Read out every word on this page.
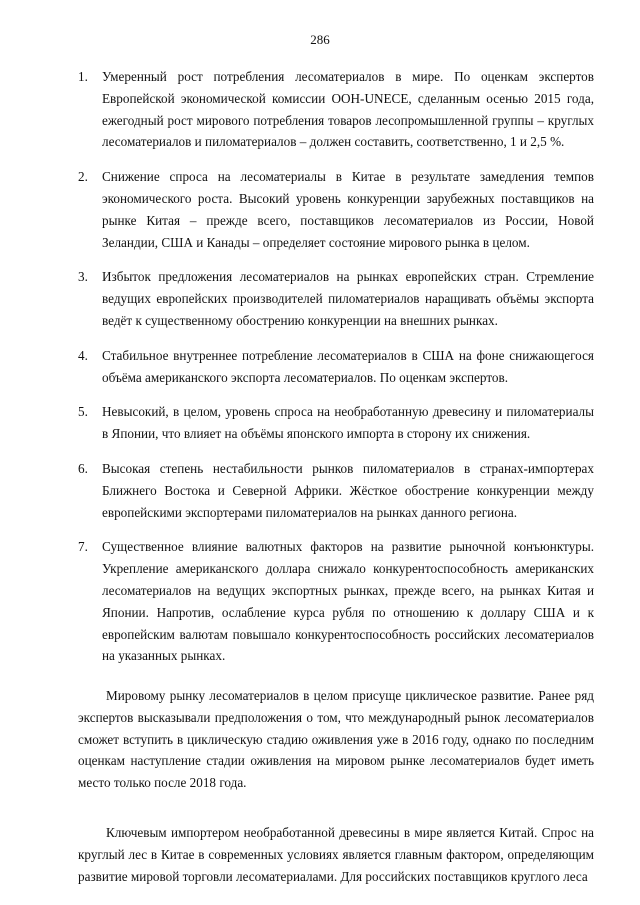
286
1. Умеренный рост потребления лесоматериалов в мире. По оценкам экспертов Европейской экономической комиссии ООН-UNECE, сделанным осенью 2015 года, ежегодный рост мирового потребления товаров лесопромышленной группы – круглых лесоматериалов и пиломатериалов – должен составить, соответственно, 1 и 2,5 %.
2. Снижение спроса на лесоматериалы в Китае в результате замедления темпов экономического роста. Высокий уровень конкуренции зарубежных поставщиков на рынке Китая – прежде всего, поставщиков лесоматериалов из России, Новой Зеландии, США и Канады – определяет состояние мирового рынка в целом.
3. Избыток предложения лесоматериалов на рынках европейских стран. Стремление ведущих европейских производителей пиломатериалов наращивать объёмы экспорта ведёт к существенному обострению конкуренции на внешних рынках.
4. Стабильное внутреннее потребление лесоматериалов в США на фоне снижающегося объёма американского экспорта лесоматериалов. По оценкам экспертов.
5. Невысокий, в целом, уровень спроса на необработанную древесину и пиломатериалы в Японии, что влияет на объёмы японского импорта в сторону их снижения.
6. Высокая степень нестабильности рынков пиломатериалов в странах-импортерах Ближнего Востока и Северной Африки. Жёсткое обострение конкуренции между европейскими экспортерами пиломатериалов на рынках данного региона.
7. Существенное влияние валютных факторов на развитие рыночной конъюнктуры. Укрепление американского доллара снижало конкурентоспособность американских лесоматериалов на ведущих экспортных рынках, прежде всего, на рынках Китая и Японии. Напротив, ослабление курса рубля по отношению к доллару США и к европейским валютам повышало конкурентоспособность российских лесоматериалов на указанных рынках.

Мировому рынку лесоматериалов в целом присуще циклическое развитие. Ранее ряд экспертов высказывали предположения о том, что международный рынок лесоматериалов сможет вступить в циклическую стадию оживления уже в 2016 году, однако по последним оценкам наступление стадии оживления на мировом рынке лесоматериалов будет иметь место только после 2018 года.

Ключевым импортером необработанной древесины в мире является Китай. Спрос на круглый лес в Китае в современных условиях является главным фактором, определяющим развитие мировой торговли лесоматериалами. Для российских поставщиков круглого леса
